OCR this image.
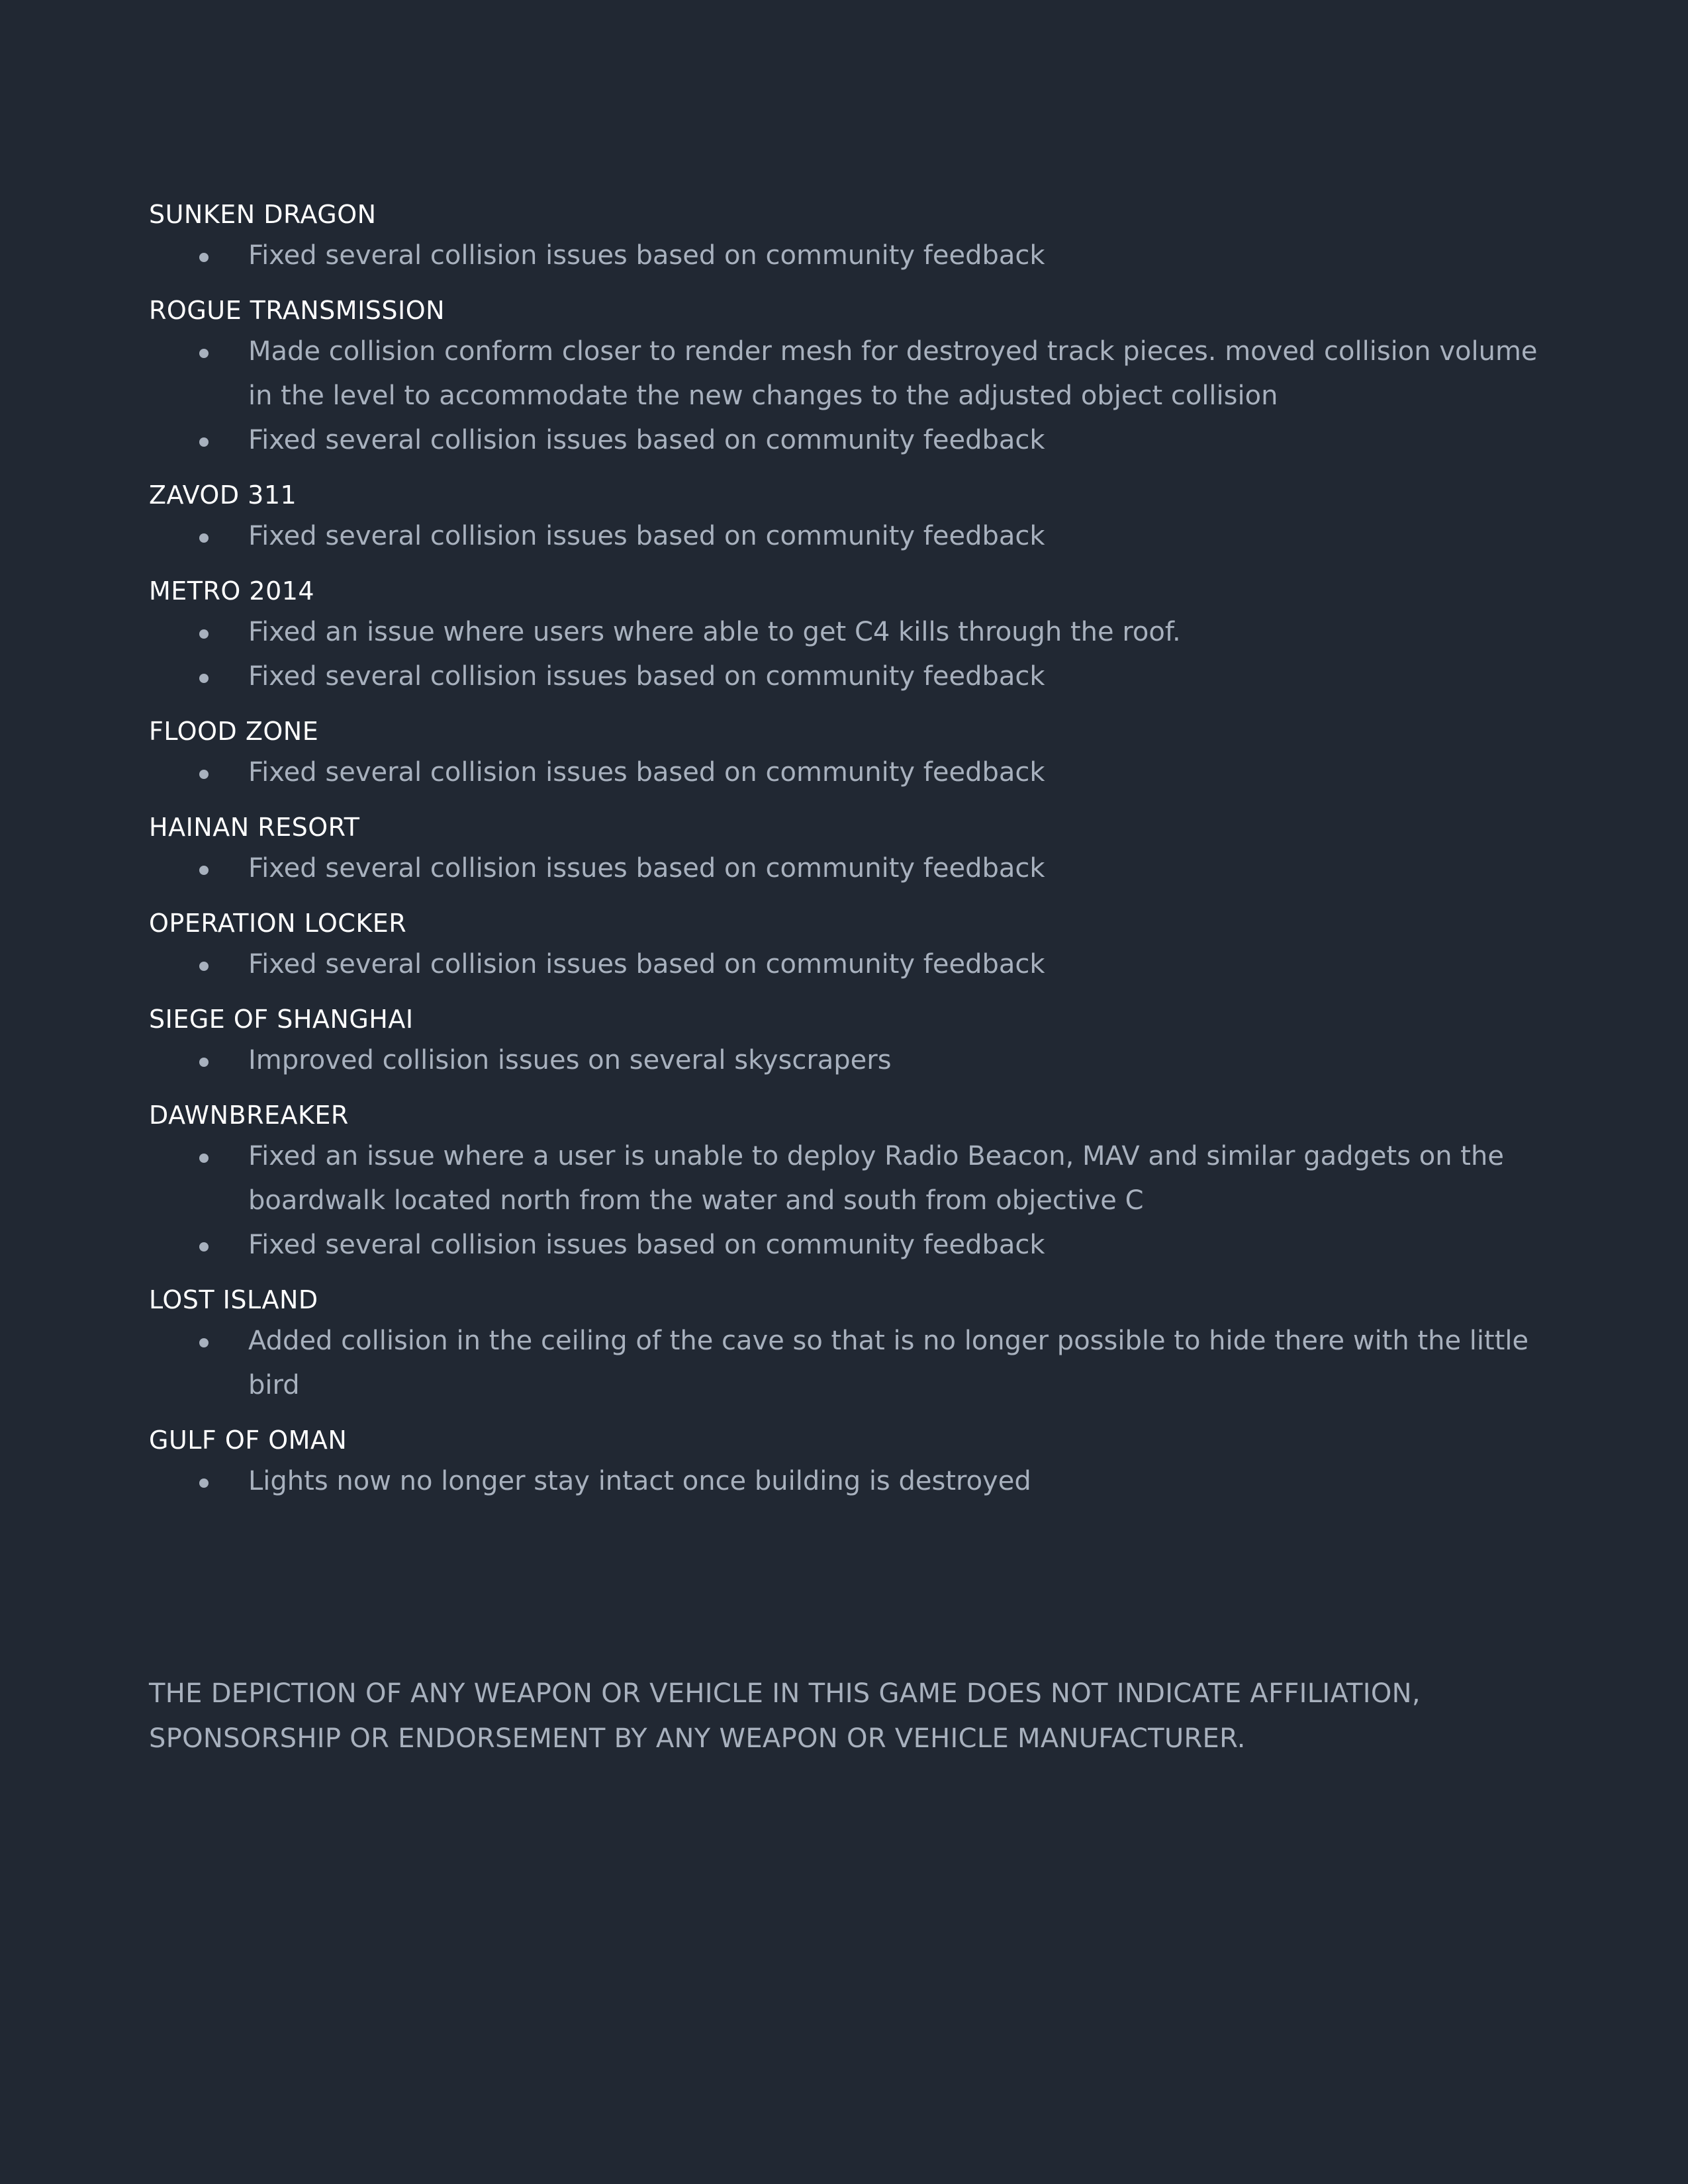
SUNKEN DRAGON

Fixed several collision issues based on community feedback

ROGUE TRANSMISSION

Made collision conform closer to render mesh for destroyed track pieces. moved collision volume in the level to accommodate the new changes to the adjusted object collision
Fixed several collision issues based on community feedback

ZAVOD 311

Fixed several collision issues based on community feedback

METRO 2014

Fixed an issue where users where able to get C4 kills through the roof.
Fixed several collision issues based on community feedback

FLOOD ZONE

Fixed several collision issues based on community feedback

HAINAN RESORT

Fixed several collision issues based on community feedback

OPERATION LOCKER

Fixed several collision issues based on community feedback

SIEGE OF SHANGHAI

Improved collision issues on several skyscrapers

DAWNBREAKER

Fixed an issue where a user is unable to deploy Radio Beacon, MAV and similar gadgets on the boardwalk located north from the water and south from objective C
Fixed several collision issues based on community feedback

LOST ISLAND

Added collision in the ceiling of the cave so that is no longer possible to hide there with the little bird

GULF OF OMAN

Lights now no longer stay intact once building is destroyed

THE DEPICTION OF ANY WEAPON OR VEHICLE IN THIS GAME DOES NOT INDICATE AFFILIATION, SPONSORSHIP OR ENDORSEMENT BY ANY WEAPON OR VEHICLE MANUFACTURER.
